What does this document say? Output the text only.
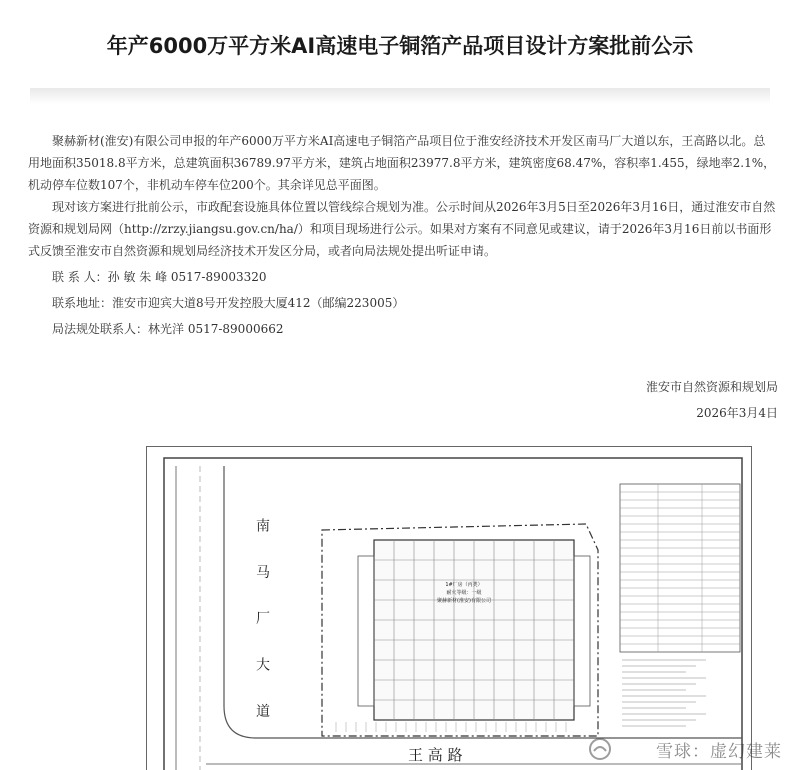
年产6000万平方米AI高速电子铜箔产品项目设计方案批前公示

聚赫新材(淮安)有限公司申报的年产6000万平方米AI高速电子铜箔产品项目位于淮安经济技术开发区南马厂大道以东，王高路以北。总用地面积35018.8平方米，总建筑面积36789.97平方米，建筑占地面积23977.8平方米，建筑密度68.47%，容积率1.455，绿地率2.1%，机动停车位数107个，非机动车停车位200个。其余详见总平面图。

现对该方案进行批前公示，市政配套设施具体位置以管线综合规划为准。公示时间从2026年3月5日至2026年3月16日，通过淮安市自然资源和规划局网（http://zrzy.jiangsu.gov.cn/ha/）和项目现场进行公示。如果对方案有不同意见或建议，请于2026年3月16日前以书面形式反馈至淮安市自然资源和规划局经济技术开发区分局，或者向局法规处提出听证申请。

联 系 人：孙 敏 朱 峰 0517-89003320

联系地址：淮安市迎宾大道8号开发控股大厦412（邮编223005）

局法规处联系人：林光洋 0517-89000662

淮安市自然资源和规划局
2026年3月4日
1#厂房（丙类）
耐火等级：一级
聚赫新材(淮安)有限公司
南 马 厂 大 道
王 高 路	雪球：虚幻建莱
